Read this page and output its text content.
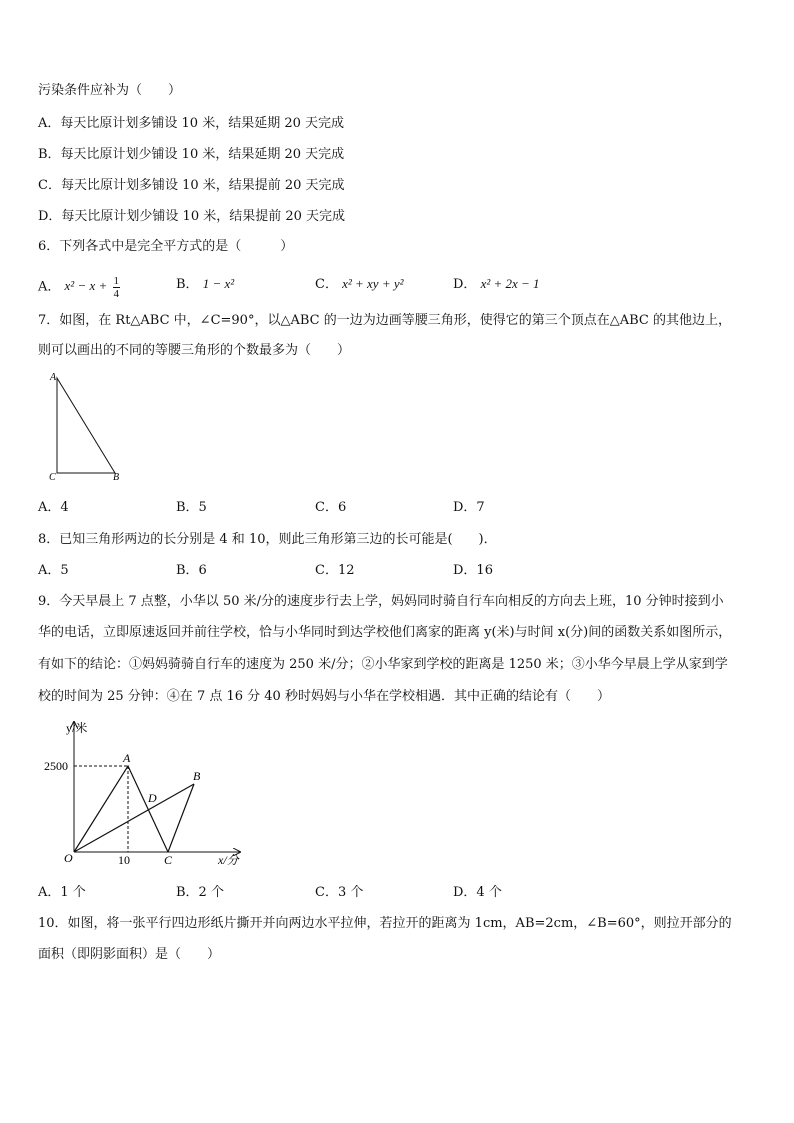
污染条件应补为（　　）
A．每天比原计划多铺设 10 米，结果延期 20 天完成
B．每天比原计划少铺设 10 米，结果延期 20 天完成
C．每天比原计划多铺设 10 米，结果提前 20 天完成
D．每天比原计划少铺设 10 米，结果提前 20 天完成
6．下列各式中是完全平方式的是（　　　）
A． $x^2 - x + \frac{1}{4}$	B． 1 − x²	C． x² + xy + y²	D． x² + 2x − 1
7．如图，在 Rt△ABC 中，∠C=90°，以△ABC 的一边为边画等腰三角形，使得它的第三个顶点在△ABC 的其他边上，
则可以画出的不同的等腰三角形的个数最多为（　　）
A
C	B
A．4	B．5	C．6	D．7
8．已知三角形两边的长分别是 4 和 10，则此三角形第三边的长可能是(　　)．
A．5	B．6	C．12	D．16
9．今天早晨上 7 点整，小华以 50 米/分的速度步行去上学，妈妈同时骑自行车向相反的方向去上班，10 分钟时接到小
华的电话，立即原速返回并前往学校，恰与小华同时到达学校他们离家的距离 y(米)与时间 x(分)间的函数关系如图所示，
有如下的结论：①妈妈骑骑自行车的速度为 250 米/分；②小华家到学校的距离是 1250 米；③小华今早晨上学从家到学
校的时间为 25 分钟：④在 7 点 16 分 40 秒时妈妈与小华在学校相遇．其中正确的结论有（　　）
y/米
x/分
2500
10
O
A
B
C
D
A．1 个	B．2 个	C．3 个	D．4 个
10．如图，将一张平行四边形纸片撕开并向两边水平拉伸，若拉开的距离为 1cm，AB=2cm，∠B=60°，则拉开部分的
面积（即阴影面积）是（　　）
